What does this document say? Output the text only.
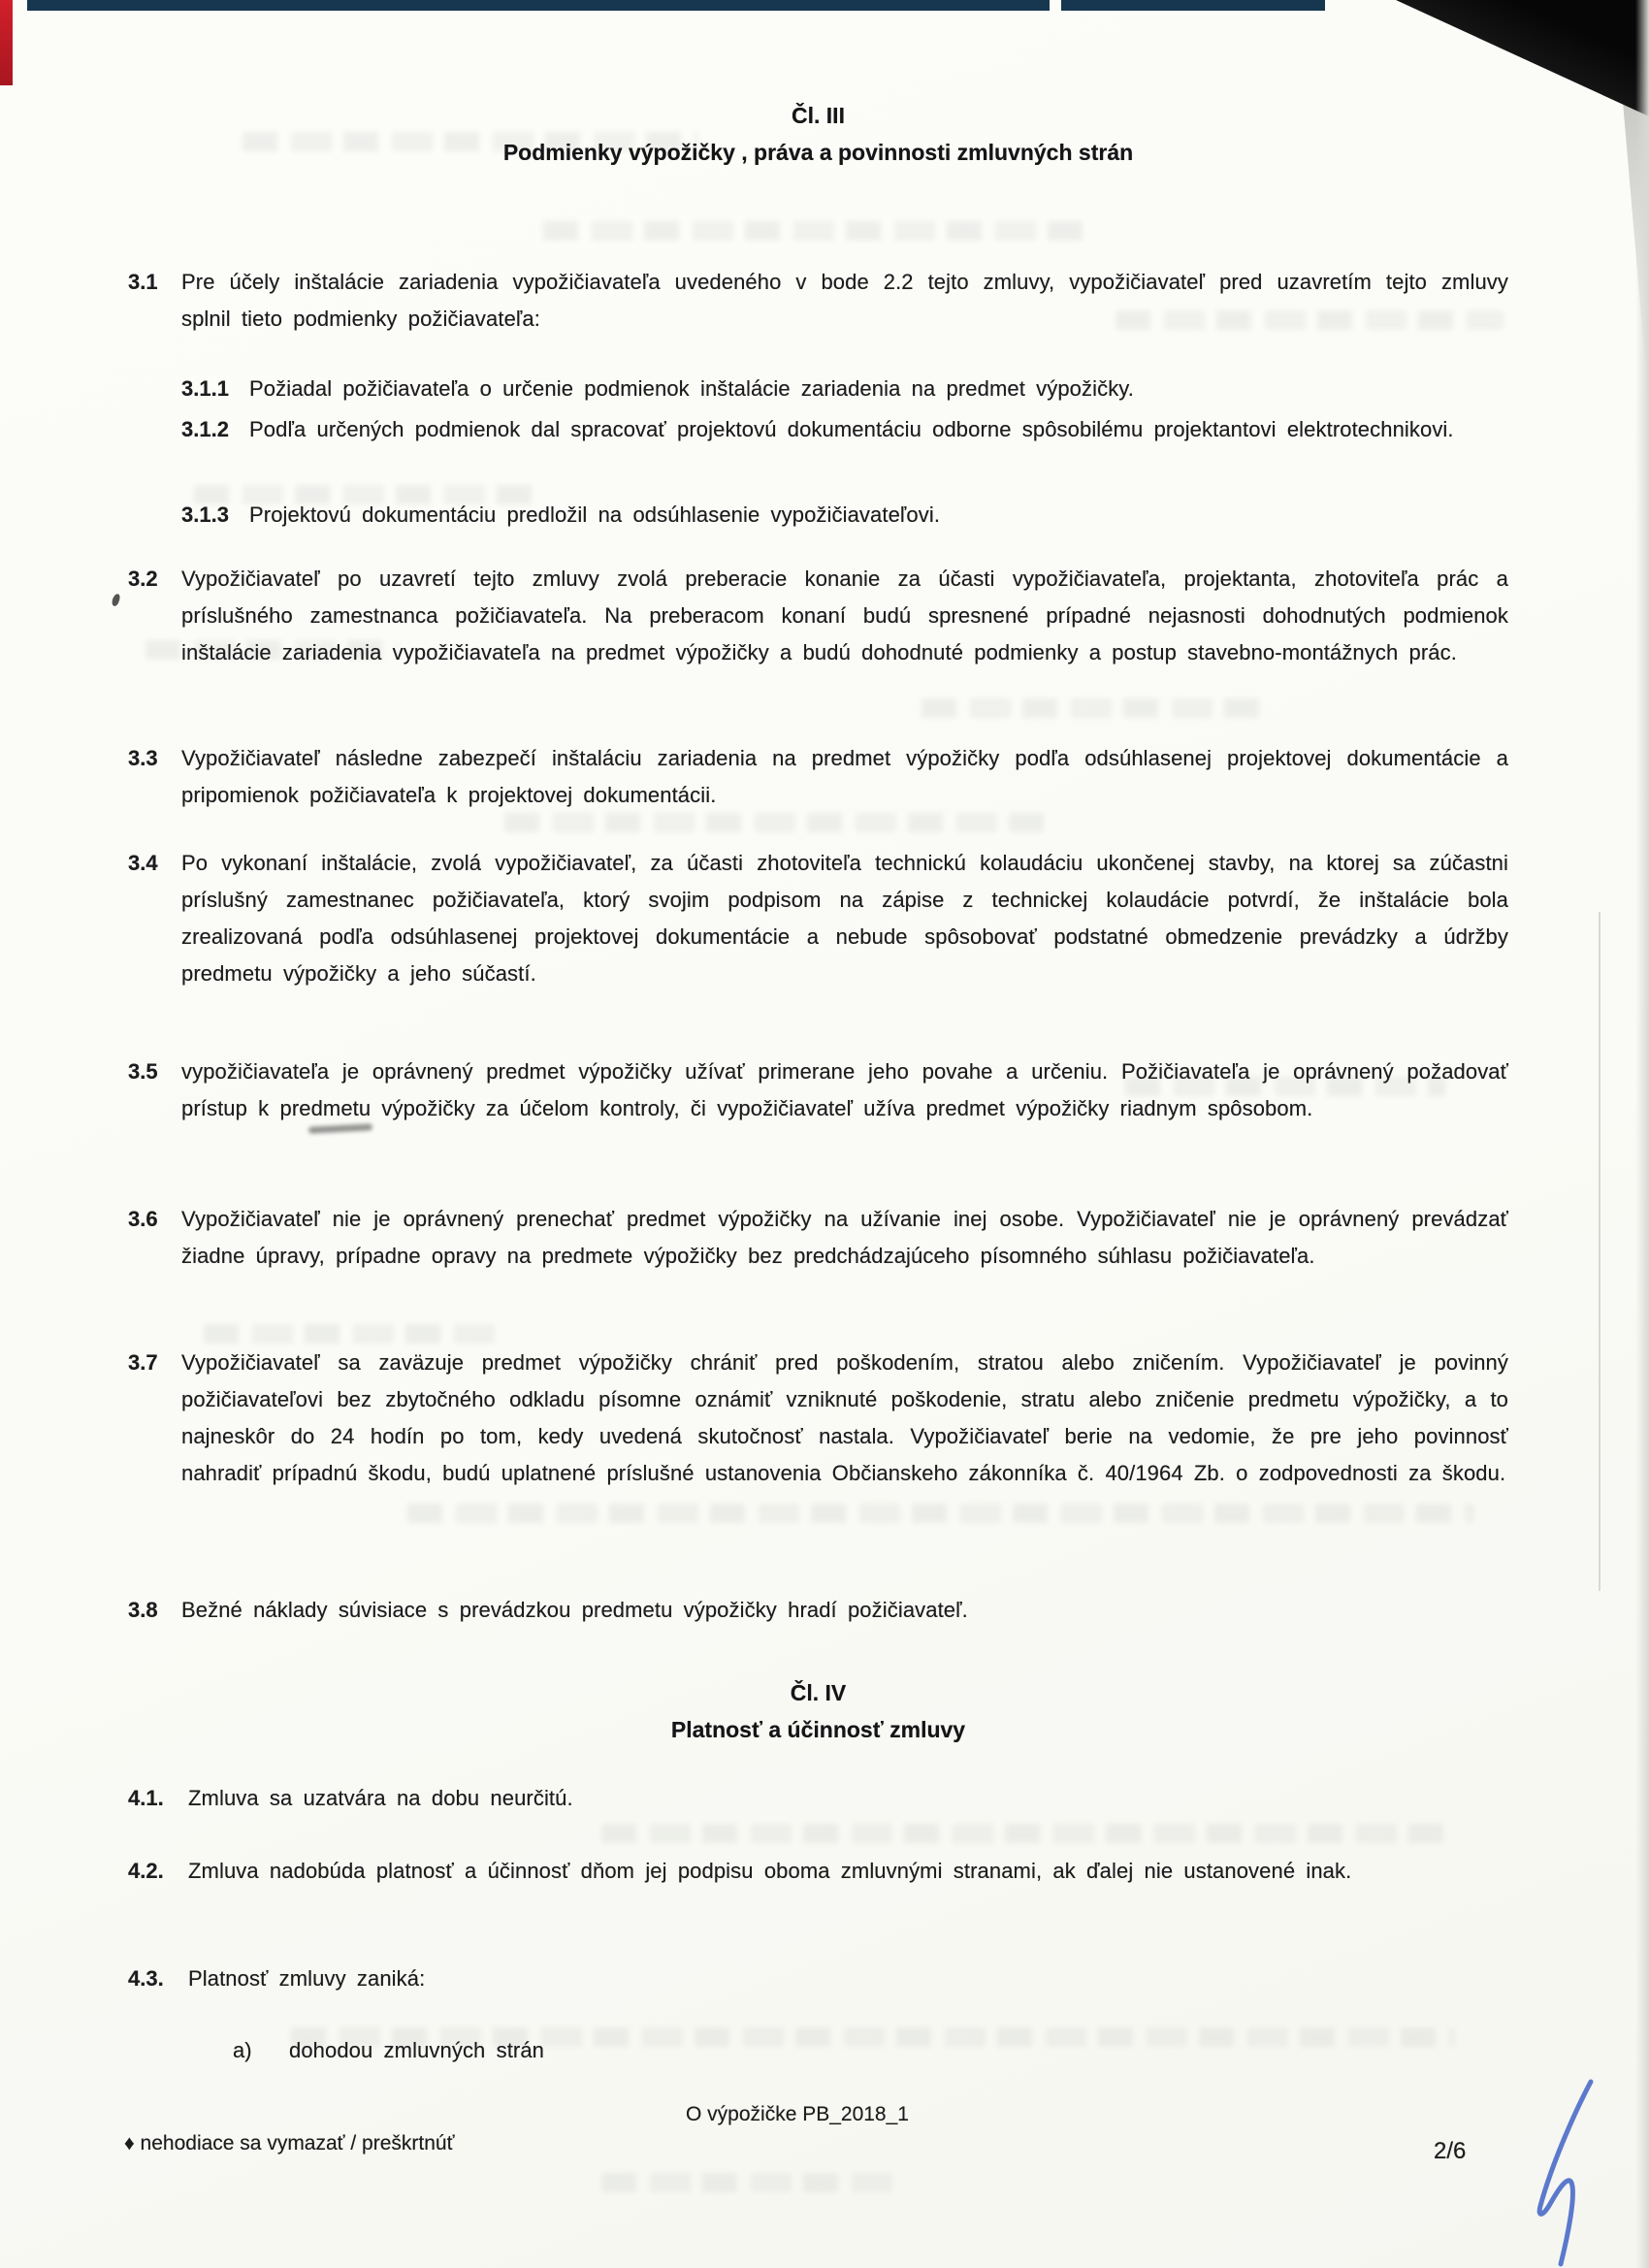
Čl. III
Podmienky výpožičky , práva a povinnosti zmluvných strán
3.1	Pre účely inštalácie zariadenia vypožičiavateľa uvedeného v bode 2.2 tejto zmluvy, vypožičiavateľ pred uzavretím tejto zmluvy splnil tieto podmienky požičiavateľa:
3.1.1 Požiadal požičiavateľa o určenie podmienok inštalácie zariadenia na predmet výpožičky.
3.1.2 Podľa určených podmienok dal spracovať projektovú dokumentáciu odborne spôsobilému projektantovi elektrotechnikovi.
3.1.3 Projektovú dokumentáciu predložil na odsúhlasenie vypožičiavateľovi.
3.2	Vypožičiavateľ po uzavretí tejto zmluvy zvolá preberacie konanie za účasti vypožičiavateľa, projektanta, zhotoviteľa prác a príslušného zamestnanca požičiavateľa. Na preberacom konaní budú spresnené prípadné nejasnosti dohodnutých podmienok inštalácie zariadenia vypožičiavateľa na predmet výpožičky a budú dohodnuté podmienky a postup stavebno-montážnych prác.
3.3	Vypožičiavateľ následne zabezpečí inštaláciu zariadenia na predmet výpožičky podľa odsúhlasenej projektovej dokumentácie a pripomienok požičiavateľa k projektovej dokumentácii.
3.4	Po vykonaní inštalácie, zvolá vypožičiavateľ, za účasti zhotoviteľa technickú kolaudáciu ukončenej stavby, na ktorej sa zúčastni príslušný zamestnanec požičiavateľa, ktorý svojim podpisom na zápise z technickej kolaudácie potvrdí, že inštalácie bola zrealizovaná podľa odsúhlasenej projektovej dokumentácie a nebude spôsobovať podstatné obmedzenie prevádzky a údržby predmetu výpožičky a jeho súčastí.
3.5	vypožičiavateľa je oprávnený predmet výpožičky užívať primerane jeho povahe a určeniu. Požičiavateľa je oprávnený požadovať prístup k predmetu výpožičky za účelom kontroly, či vypožičiavateľ užíva predmet výpožičky riadnym spôsobom.
3.6	Vypožičiavateľ nie je oprávnený prenechať predmet výpožičky na užívanie inej osobe. Vypožičiavateľ nie je oprávnený prevádzať žiadne úpravy, prípadne opravy na predmete výpožičky bez predchádzajúceho písomného súhlasu požičiavateľa.
3.7	Vypožičiavateľ sa zaväzuje predmet výpožičky chrániť pred poškodením, stratou alebo zničením. Vypožičiavateľ je povinný požičiavateľovi bez zbytočného odkladu písomne oznámiť vzniknuté poškodenie, stratu alebo zničenie predmetu výpožičky, a to najneskôr do 24 hodín po tom, kedy uvedená skutočnosť nastala. Vypožičiavateľ berie na vedomie, že pre jeho povinnosť nahradiť prípadnú škodu, budú uplatnené príslušné ustanovenia Občianskeho zákonníka č. 40/1964 Zb. o zodpovednosti za škodu.
3.8	Bežné náklady súvisiace s prevádzkou predmetu výpožičky hradí požičiavateľ.
Čl. IV
Platnosť a účinnosť zmluvy
4.1.	Zmluva sa uzatvára na dobu neurčitú.
4.2.	Zmluva nadobúda platnosť a účinnosť dňom jej podpisu oboma zmluvnými stranami, ak ďalej nie ustanovené inak.
4.3.	Platnosť zmluvy zaniká:
a)	dohodou zmluvných strán
O výpožičke PB_2018_1
♦ nehodiace sa vymazať / preškrtnúť	2/6
